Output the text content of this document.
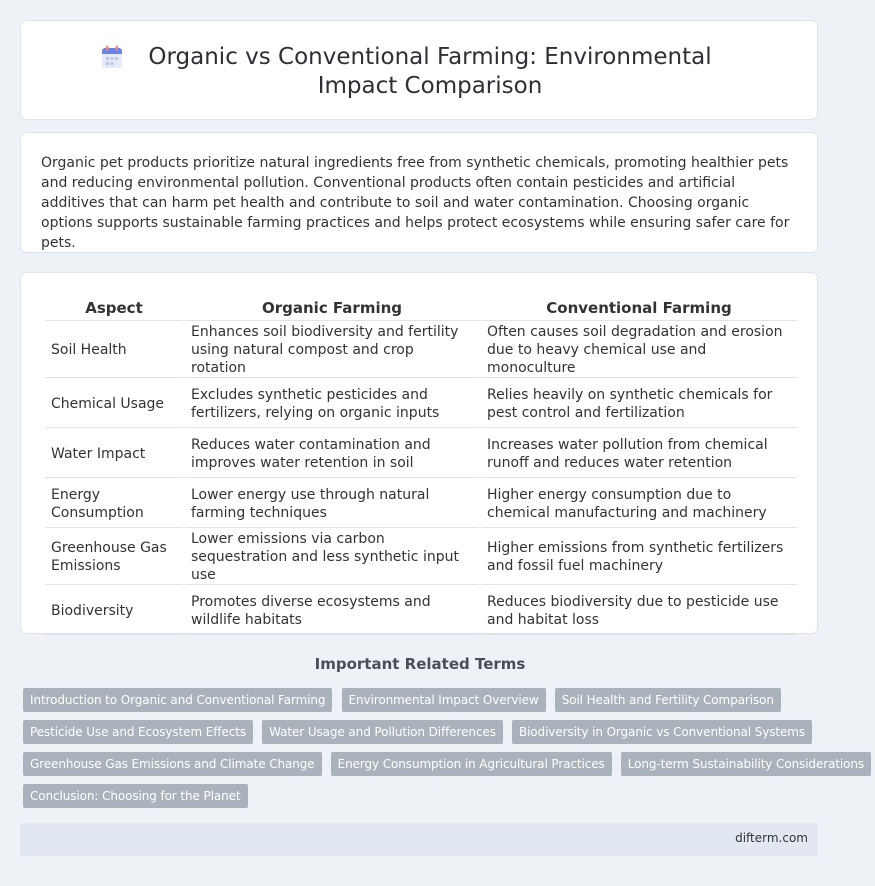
Organic vs Conventional Farming: Environmental Impact Comparison

Organic pet products prioritize natural ingredients free from synthetic chemicals, promoting healthier pets and reducing environmental pollution. Conventional products often contain pesticides and artificial additives that can harm pet health and contribute to soil and water contamination. Choosing organic options supports sustainable farming practices and helps protect ecosystems while ensuring safer care for pets.

Aspect	Organic Farming	Conventional Farming
Soil Health	Enhances soil biodiversity and fertility using natural compost and crop rotation	Often causes soil degradation and erosion due to heavy chemical use and monoculture
Chemical Usage	Excludes synthetic pesticides and fertilizers, relying on organic inputs	Relies heavily on synthetic chemicals for pest control and fertilization
Water Impact	Reduces water contamination and improves water retention in soil	Increases water pollution from chemical runoff and reduces water retention
Energy Consumption	Lower energy use through natural farming techniques	Higher energy consumption due to chemical manufacturing and machinery
Greenhouse Gas Emissions	Lower emissions via carbon sequestration and less synthetic input use	Higher emissions from synthetic fertilizers and fossil fuel machinery
Biodiversity	Promotes diverse ecosystems and wildlife habitats	Reduces biodiversity due to pesticide use and habitat loss
Important Related Terms
Introduction to Organic and Conventional Farming Environmental Impact Overview Soil Health and Fertility Comparison
Pesticide Use and Ecosystem Effects Water Usage and Pollution Differences Biodiversity in Organic vs Conventional Systems
Greenhouse Gas Emissions and Climate Change Energy Consumption in Agricultural Practices Long-term Sustainability Considerations
Conclusion: Choosing for the Planet
difterm.com
